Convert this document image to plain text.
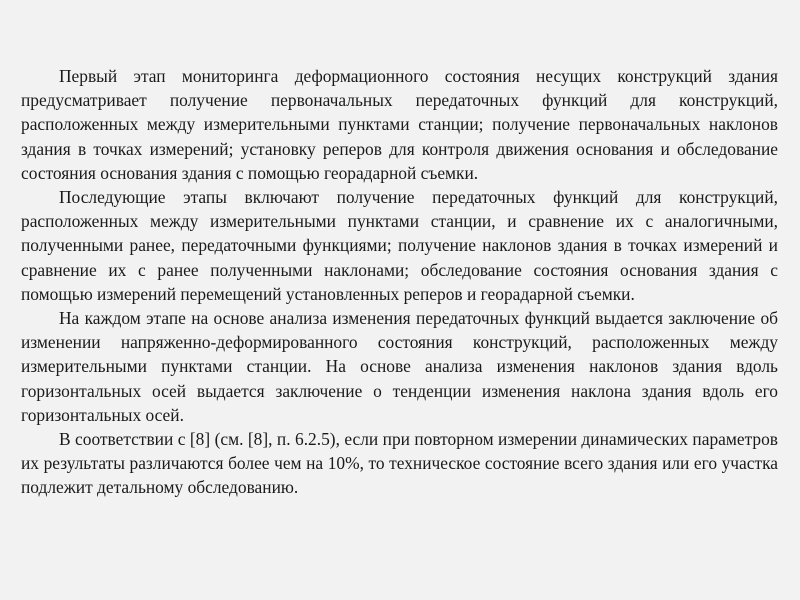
Первый этап мониторинга деформационного состояния несущих конструкций здания предусматривает получение первоначальных передаточных функций для конструкций, расположенных между измерительными пунктами станции; получение первоначальных наклонов здания в точках измерений; установку реперов для контроля движения основания и обследование состояния основания здания с помощью георадарной съемки.

Последующие этапы включают получение передаточных функций для конструкций, расположенных между измерительными пунктами станции, и сравнение их с аналогичными, полученными ранее, передаточными функциями; получение наклонов здания в точках измерений и сравнение их с ранее полученными наклонами; обследование состояния основания здания с помощью измерений перемещений установленных реперов и георадарной съемки.

На каждом этапе на основе анализа изменения передаточных функций выдается заключение об изменении напряженно-деформированного состояния конструкций, расположенных между измерительными пунктами станции. На основе анализа изменения наклонов здания вдоль горизонтальных осей выдается заключение о тенденции изменения наклона здания вдоль его горизонтальных осей.

В соответствии с [8] (см. [8], п. 6.2.5), если при повторном измерении динамических параметров их результаты различаются более чем на 10%, то техническое состояние всего здания или его участка подлежит детальному обследованию.
